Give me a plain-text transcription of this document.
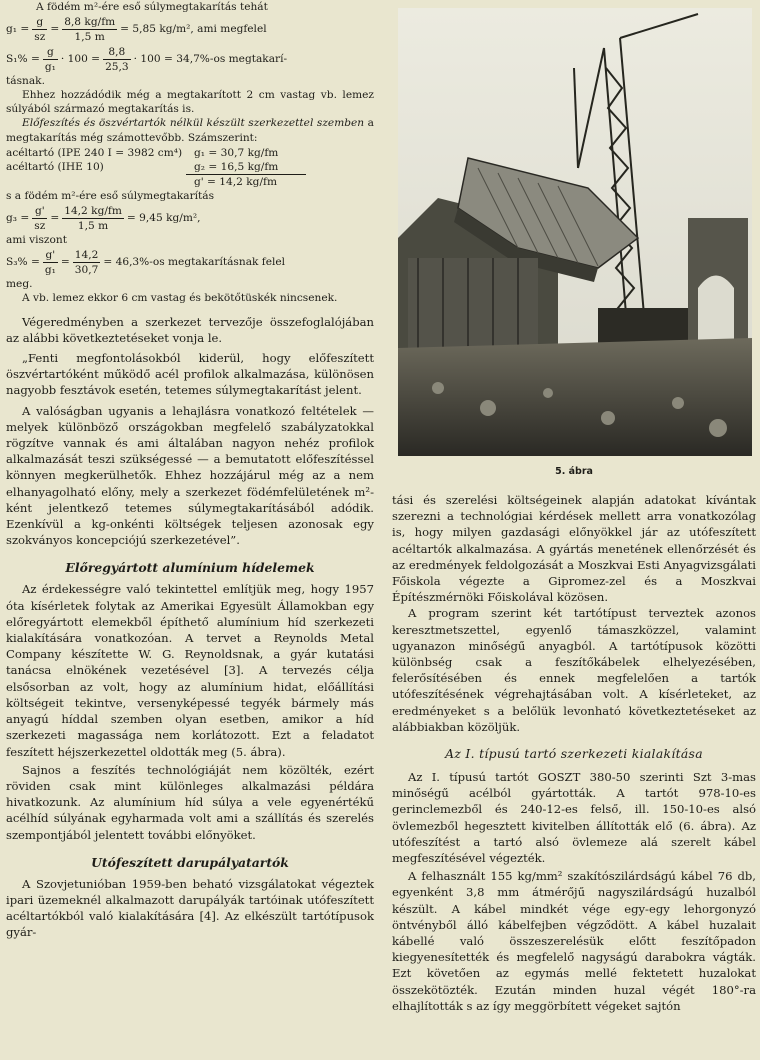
A födém m²-ére eső súlymegtakarítás tehát
$g_1 = \frac{g}{sz} = \frac{8,8 kg/fm}{1,5 m} = 5,85$ kg/m², ami megfelel
$S_1\% = \frac{g}{\text{g₁}} \cdot 100 = \frac{8,8}{25,3} \cdot 100 = 34,7\%-os$ megtakarí-
tásnak.

Ehhez hozzádódik még a megtakarított 2 cm vastag vb. lemez súlyából származó megtakarítás is.

Előfeszítés és öszvértartók nélkül készült szerkezettel szemben a megtakarítás még számottevőbb. Számszerint:

acéltartó (IPE 240 I = 3982 cm⁴)	g₁ = 30,7 kg/fm
acéltartó (IHE 10)	g₂ = 16,5 kg/fm
g' = 14,2 kg/fm
s a födém m²-ére eső súlymegtakarítás
$g_3 = \frac{g'}{sz} = \frac{14,2 kg/fm}{1,5 m} = 9,45$ kg/m²,
ami viszont
$S_3\% = \frac{g'}{\text{g₁}} = \frac{14,2}{30,7} = 46,3\%-os$ megtakarításnak felel
meg.

A vb. lemez ekkor 6 cm vastag és bekötőtüskék nincsenek.

Végeredményben a szerkezet tervezője összefoglalójában az alábbi következtetéseket vonja le.

„Fenti megfontolásokból kiderül, hogy előfeszített öszvértartóként működő acél profilok alkalmazása, különösen nagyobb fesztávok esetén, tetemes súlymegtakarítást jelent.

A valóságban ugyanis a lehajlásra vonatkozó feltételek — melyek különböző országokban megfelelő szabályzatokkal rögzítve vannak és ami általában nagyon nehéz profilok alkalmazását teszi szükségessé — a bemutatott előfeszítéssel könnyen megkerülhetők. Ehhez hozzájárul még az a nem elhanyagolható előny, mely a szerkezet födémfelületének m²-ként jelentkező tetemes súlymegtakarításából adódik. Ezenkívül a kg-onkénti költségek teljesen azonosak egy szokványos koncepciójú szerkezetével”.

Előregyártott alumínium hídelemek

Az érdekességre való tekintettel említjük meg, hogy 1957 óta kísérletek folytak az Amerikai Egyesült Államokban egy előregyártott elemekből építhető alumínium híd szerkezeti kialakítására vonatkozóan. A tervet a Reynolds Metal Company készítette W. G. Reynoldsnak, a gyár kutatási tanácsa elnökének vezetésével [3]. A tervezés célja elsősorban az volt, hogy az alumínium hidat, előállítási költségeit tekintve, versenyképessé tegyék bármely más anyagú híddal szemben olyan esetben, amikor a híd szerkezeti magassága nem korlátozott. Ezt a feladatot feszített héjszerkezettel oldották meg (5. ábra).

Sajnos a feszítés technológiáját nem közölték, ezért röviden csak mint különleges alkalmazási példára hivatkozunk. Az alumínium híd súlya a vele egyenértékű acélhíd súlyának egyharmada volt ami a szállítás és szerelés szempontjából jelentett további előnyöket.

Utófeszített darupályatartók

A Szovjetunióban 1959-ben beható vizsgálatokat végeztek ipari üzemeknél alkalmazott darupályák tartóinak utófeszített acéltartókból való kialakítására [4]. Az elkészült tartótípusok gyár-

5. ábra

tási és szerelési költségeinek alapján adatokat kívántak szerezni a technológiai kérdések mellett arra vonatkozólag is, hogy milyen gazdasági előnyökkel jár az utófeszített acéltartók alkalmazása. A gyártás menetének ellenőrzését és az eredmények feldolgozását a Moszkvai Esti Anyagvizsgálati Főiskola végezte a Gipromez-zel és a Moszkvai Építészmérnöki Főiskolával közösen.

A program szerint két tartótípust terveztek azonos keresztmetszettel, egyenlő támaszközzel, valamint ugyanazon minőségű anyagból. A tartótípusok közötti különbség csak a feszítőkábelek elhelyezésében, felerősítésében és ennek megfelelően a tartók utófeszítésének végrehajtásában volt. A kísérleteket, az eredményeket s a belőlük levonható következtetéseket az alábbiakban közöljük.

Az I. típusú tartó szerkezeti kialakítása

Az I. típusú tartót GOSZT 380-50 szerinti Szt 3-mas minőségű acélból gyártották. A tartót 978-10-es gerinclemezből és 240-12-es felső, ill. 150-10-es alsó övlemezből hegesztett kivitelben állították elő (6. ábra). Az utófeszítést a tartó alsó övlemeze alá szerelt kábel megfeszítésével végezték.

A felhasznált 155 kg/mm² szakítószilárdságú kábel 76 db, egyenként 3,8 mm átmérőjű nagyszilárdságú huzalból készült. A kábel mindkét vége egy-egy lehorgonyzó öntvényből álló kábelfejben végződött. A kábel huzalait kábellé való összeszerelésük előtt feszítőpadon kiegyenesítették és megfelelő nagyságú darabokra vágták. Ezt követően az egymás mellé fektetett huzalokat összekötözték. Ezután minden huzal végét 180°-ra elhajlították s az így meggörbített végeket sajtón
